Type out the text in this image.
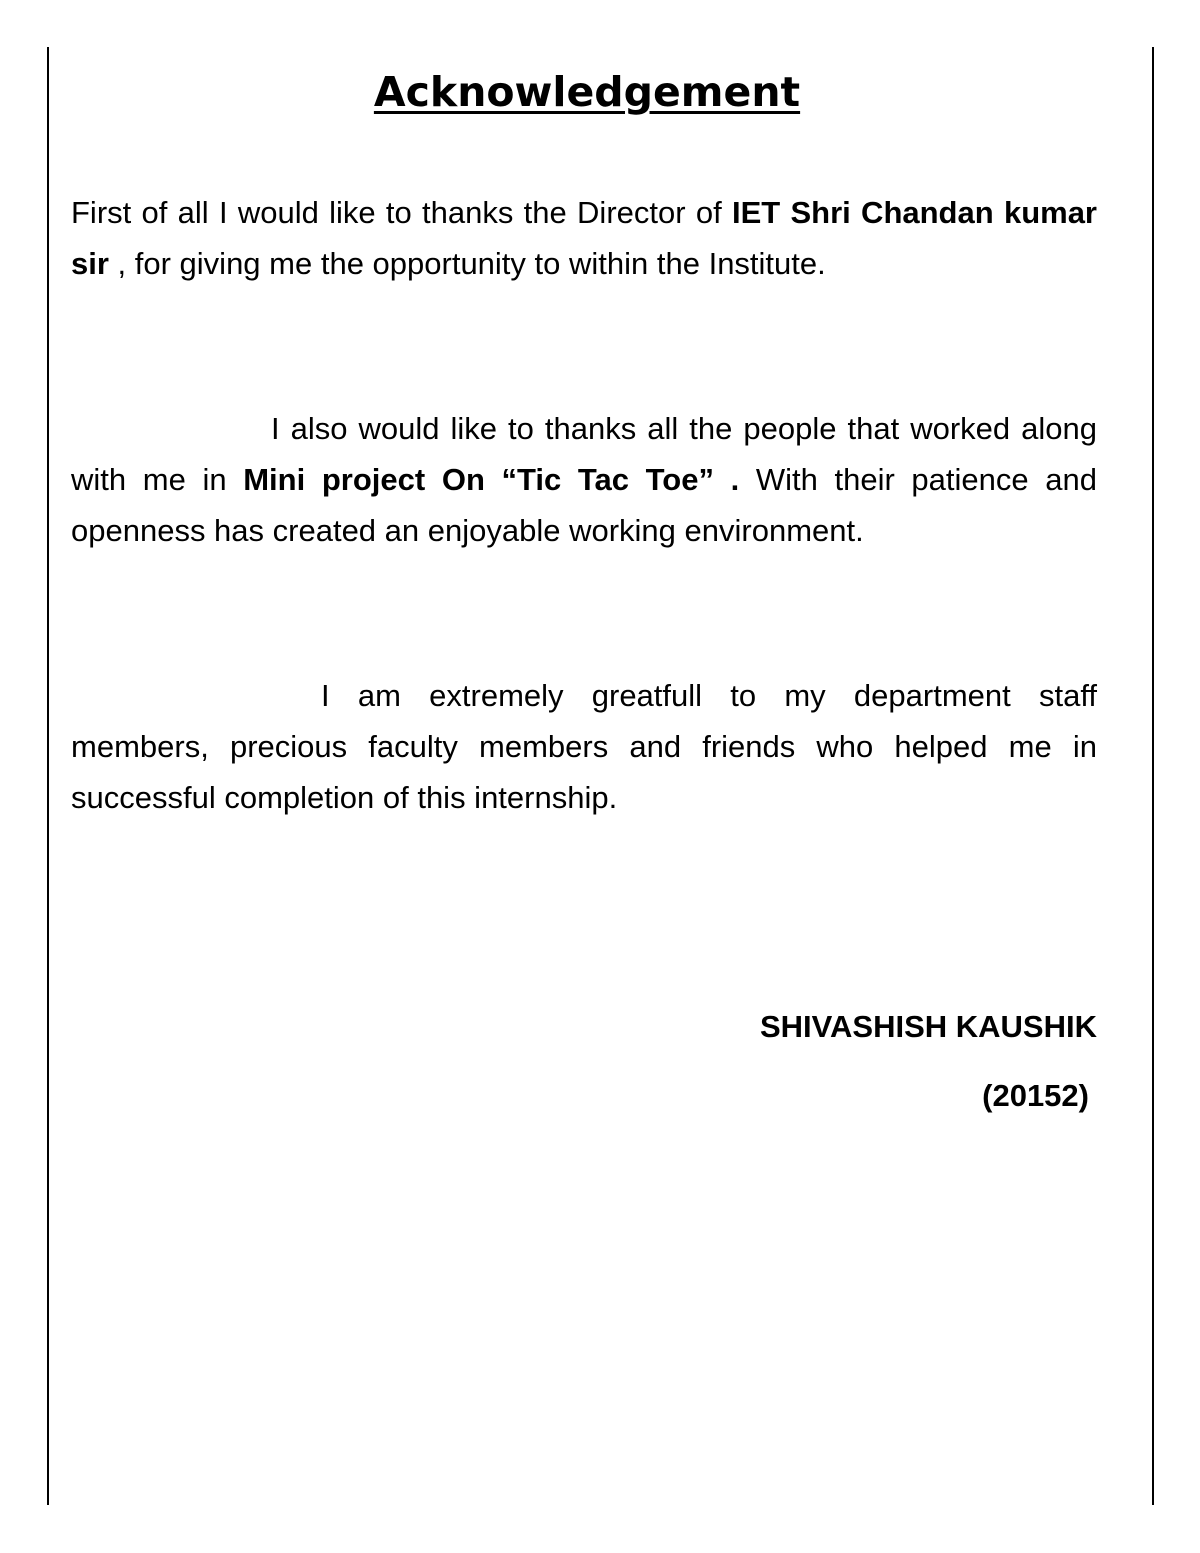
Acknowledgement

First of all I would like to thanks the Director of IET Shri Chandan kumar sir , for giving me the opportunity to within the Institute.

I also would like to thanks all the people that worked along with me in Mini project On “Tic Tac Toe” . With their patience and openness has created an enjoyable working environment.

I am extremely greatfull to my department staff members, precious faculty members and friends who helped me in successful completion of this internship.

SHIVASHISH KAUSHIK

(20152)
